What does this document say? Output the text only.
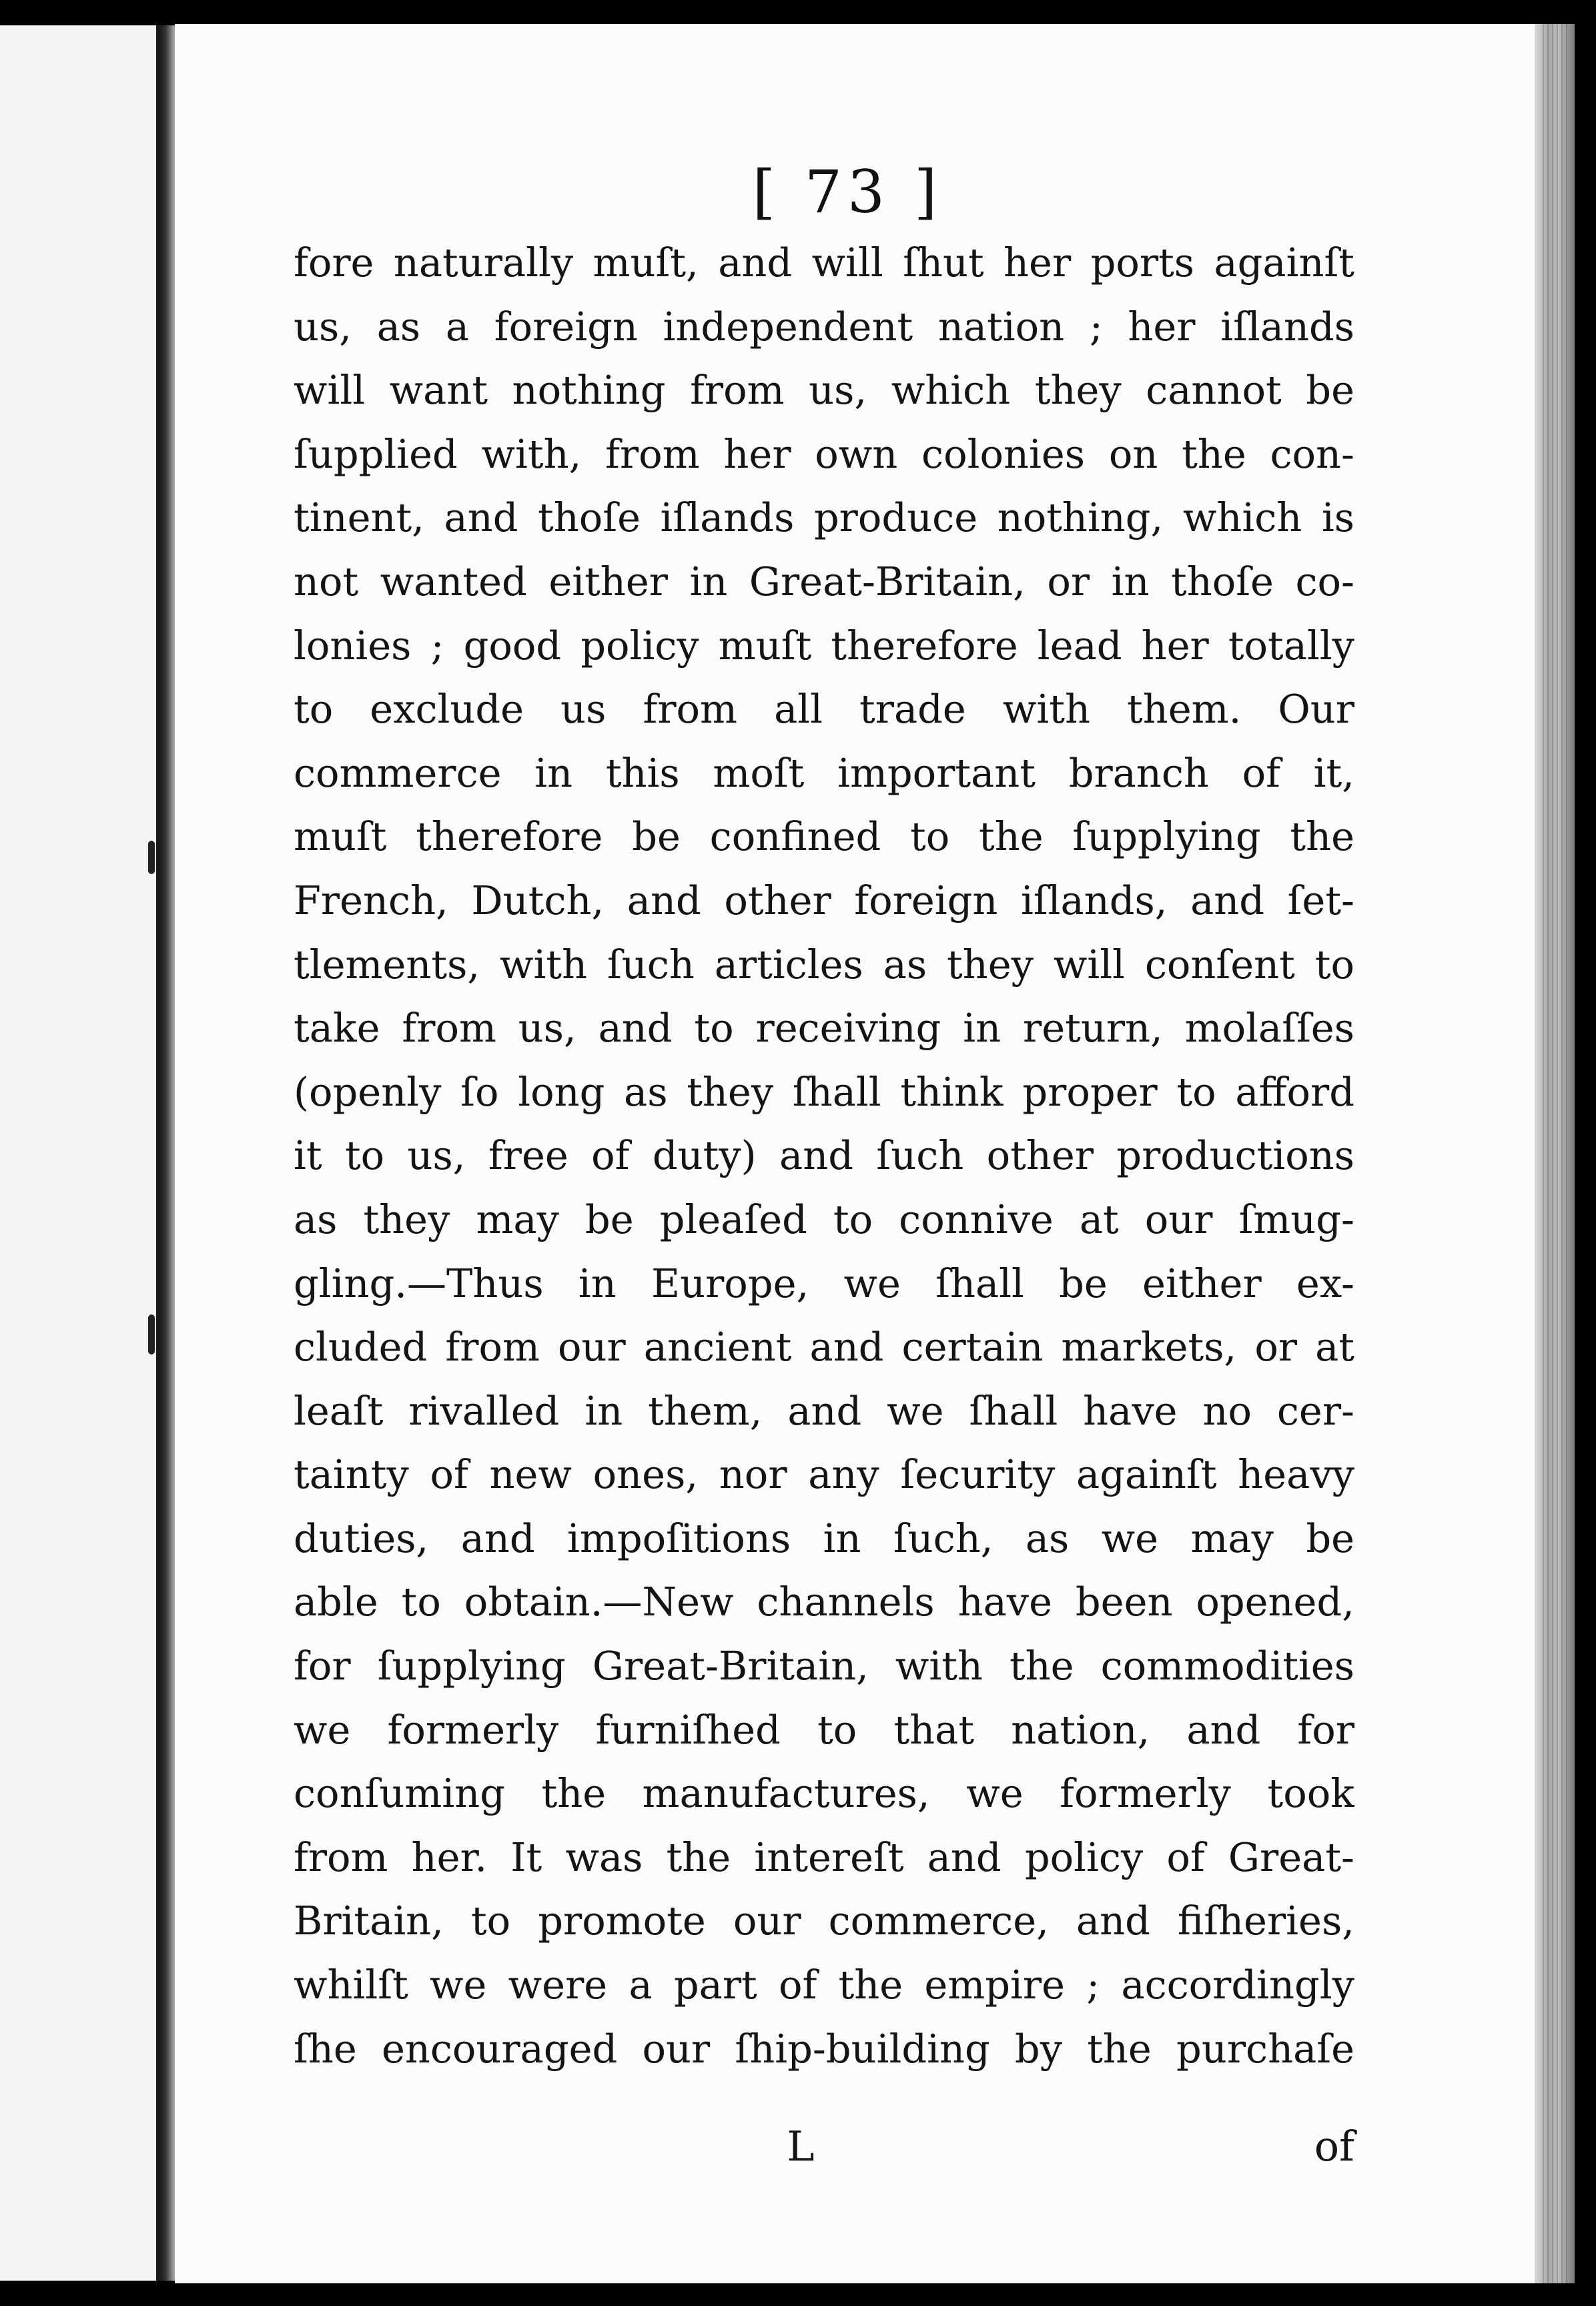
[ 73 ]
fore naturally muſt, and will ſhut her ports againſt
us, as a foreign independent nation ; her iſlands
will want nothing from us, which they cannot be
ſupplied with, from her own colonies on the con-
tinent, and thoſe iſlands produce nothing, which is
not wanted either in Great-Britain, or in thoſe co-
lonies ; good policy muſt therefore lead her totally
to exclude us from all trade with them. Our
commerce in this moſt important branch of it,
muſt therefore be confined to the ſupplying the
French, Dutch, and other foreign iſlands, and ſet-
tlements, with ſuch articles as they will conſent to
take from us, and to receiving in return, molaſſes
(openly ſo long as they ſhall think proper to afford
it to us, free of duty) and ſuch other productions
as they may be pleaſed to connive at our ſmug-
gling.—Thus in Europe, we ſhall be either ex-
cluded from our ancient and certain markets, or at
leaſt rivalled in them, and we ſhall have no cer-
tainty of new ones, nor any ſecurity againſt heavy
duties, and impoſitions in ſuch, as we may be
able to obtain.—New channels have been opened,
for ſupplying Great-Britain, with the commodities
we formerly furniſhed to that nation, and for
conſuming the manufactures, we formerly took
from her. It was the intereſt and policy of Great-
Britain, to promote our commerce, and fiſheries,
whilſt we were a part of the empire ; accordingly
ſhe encouraged our ſhip-building by the purchaſe
L	of
